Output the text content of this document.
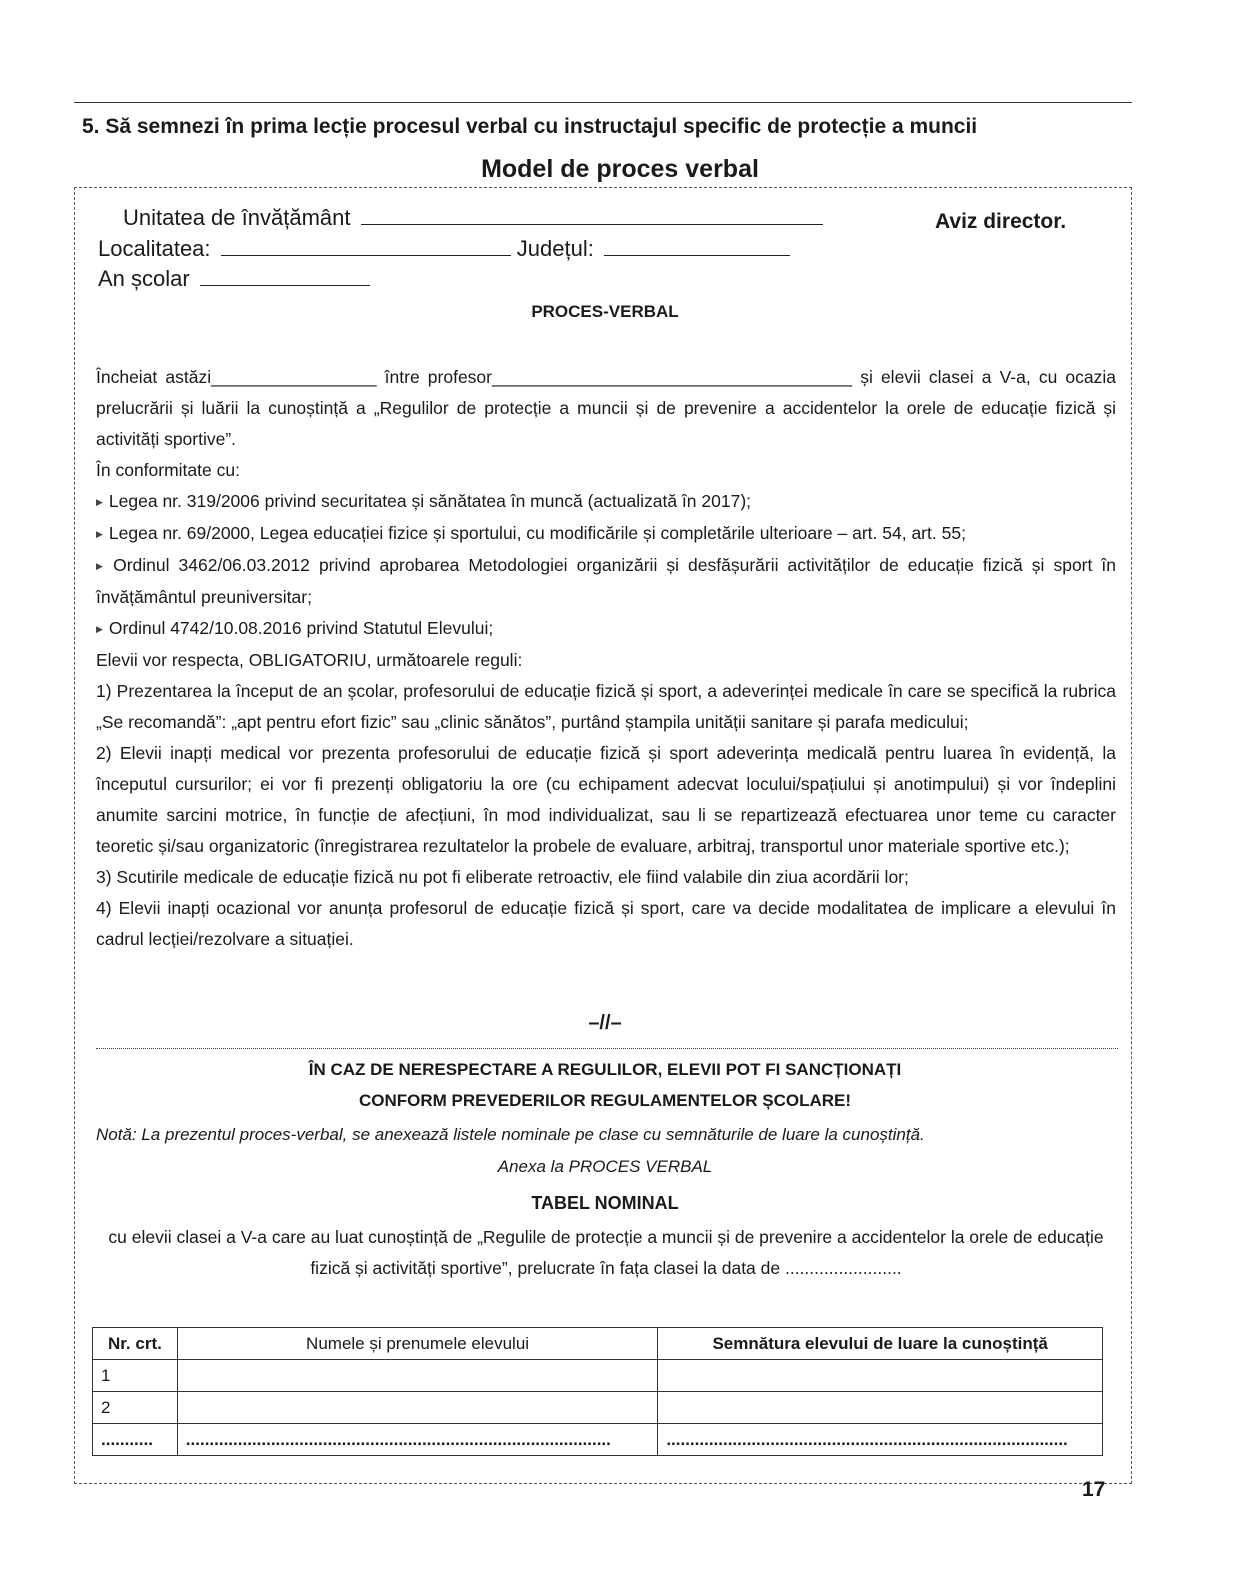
5. Să semnezi în prima lecție procesul verbal cu instructajul specific de protecție a muncii
Model de proces verbal
Unitatea de învățământ	Aviz director.
Localitatea:	Județul:
An școlar
PROCES-VERBAL

Încheiat astăzi_________________ între profesor_____________________________________ și elevii clasei a V-a, cu ocazia prelucrării și luării la cunoștință a „Regulilor de protecție a muncii și de prevenire a accidentelor la orele de educație fizică și activități sportive”.

În conformitate cu:

▶ Legea nr. 319/2006 privind securitatea și sănătatea în muncă (actualizată în 2017);

▶ Legea nr. 69/2000, Legea educației fizice și sportului, cu modificările și completările ulterioare – art. 54, art. 55;

▶ Ordinul 3462/06.03.2012 privind aprobarea Metodologiei organizării și desfășurării activităților de educație fizică și sport în învățământul preuniversitar;

▶ Ordinul 4742/10.08.2016 privind Statutul Elevului;

Elevii vor respecta, OBLIGATORIU, următoarele reguli:

1) Prezentarea la început de an școlar, profesorului de educație fizică și sport, a adeverinței medicale în care se specifică la rubrica „Se recomandă”: „apt pentru efort fizic” sau „clinic sănătos”, purtând ștampila unității sanitare și parafa medicului;

2) Elevii inapți medical vor prezenta profesorului de educație fizică și sport adeverința medicală pentru luarea în evidență, la începutul cursurilor; ei vor fi prezenți obligatoriu la ore (cu echipament adecvat locului/spațiului și anotimpului) și vor îndeplini anumite sarcini motrice, în funcție de afecțiuni, în mod individualizat, sau li se repartizează efectuarea unor teme cu caracter teoretic și/sau organizatoric (înregistrarea rezultatelor la probele de evaluare, arbitraj, transportul unor materiale sportive etc.);

3) Scutirile medicale de educație fizică nu pot fi eliberate retroactiv, ele fiind valabile din ziua acordării lor;

4) Elevii inapți ocazional vor anunța profesorul de educație fizică și sport, care va decide modalitatea de implicare a elevului în cadrul lecției/rezolvare a situației.

–//–
ÎN CAZ DE NERESPECTARE A REGULILOR, ELEVII POT FI SANCȚIONAȚI
CONFORM PREVEDERILOR REGULAMENTELOR ȘCOLARE!
Notă: La prezentul proces-verbal, se anexează listele nominale pe clase cu semnăturile de luare la cunoștință.
Anexa la PROCES VERBAL
TABEL NOMINAL
cu elevii clasei a V-a care au luat cunoștință de „Regulile de protecție a muncii și de prevenire a accidentelor la orele de educație fizică și activități sportive”, prelucrate în fața clasei la data de ........................
Nr. crt.	Numele și prenumele elevului	Semnătura elevului de luare la cunoștință
1		
2		
...........	..........................................................................................	.....................................................................................
17
